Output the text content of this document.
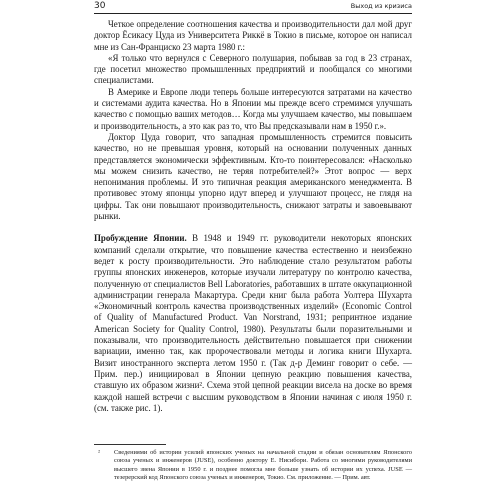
30	Выход из кризиса

Четкое определение соотношения качества и производительности дал мой друг доктор Ёсикасу Цуда из Университета Риккё в Токио в письме, которое он написал мне из Сан-Франциско 23 марта 1980 г.:

«Я только что вернулся с Северного полушария, побывав за год в 23 странах, где посетил множество промышленных предприятий и пообщался со многими специалистами.

В Америке и Европе люди теперь больше интересуются затратами на качество и системами аудита качества. Но в Японии мы прежде всего стремимся улучшать качество с помощью ваших методов… Когда мы улучшаем качество, мы повышаем и производительность, а это как раз то, что Вы предсказывали нам в 1950 г.».

Доктор Цуда говорит, что западная промышленность стремится повысить качество, но не превышая уровня, который на основании полученных данных представляется экономически эффективным. Кто-то поинтересовался: «Насколько мы можем снизить качество, не теряя потребителей?» Этот вопрос — верх непонимания проблемы. И это типичная реакция американского менеджмента. В противовес этому японцы упорно идут вперед и улучшают процесс, не глядя на цифры. Так они повышают производительность, снижают затраты и завоевывают рынки.

Пробуждение Японии. В 1948 и 1949 гг. руководители некоторых японских компаний сделали открытие, что повышение качества естественно и неизбежно ведет к росту производительности. Это наблюдение стало результатом работы группы японских инженеров, которые изучали литературу по контролю качества, полученную от специалистов Bell Laboratories, работавших в штате оккупационной администрации генерала Макартура. Среди книг была работа Уолтера Шухарта «Экономичный контроль качества производственных изделий» (Economic Control of Quality of Manufactured Product. Van Norstrand, 1931; репринтное издание American Society for Quality Control, 1980). Результаты были поразительными и показывали, что производительность действительно повышается при снижении вариации, именно так, как пророчествовали методы и логика книги Шухарта. Визит иностранного эксперта летом 1950 г. (Так д-р Деминг говорит о себе. — Прим. пер.) инициировал в Японии цепную реакцию повышения качества, ставшую их образом жизни². Схема этой цепной реакции висела на доске во время каждой нашей встречи с высшим руководством в Японии начиная с июля 1950 г. (см. также рис. 1).

² Сведениями об истории усилий японских ученых на начальной стадии и обязан основателям Японского союза ученых и инженеров (JUSE), особенно доктору Е. Нисибори. Работа со многими руководителями высшего звена Японии в 1950 г. и позднее помогла мне больше узнать об истории их успеха. JUSE — тезерерский код Японского союза ученых и инженеров, Токио. См. приложение. — Прим. авт.
